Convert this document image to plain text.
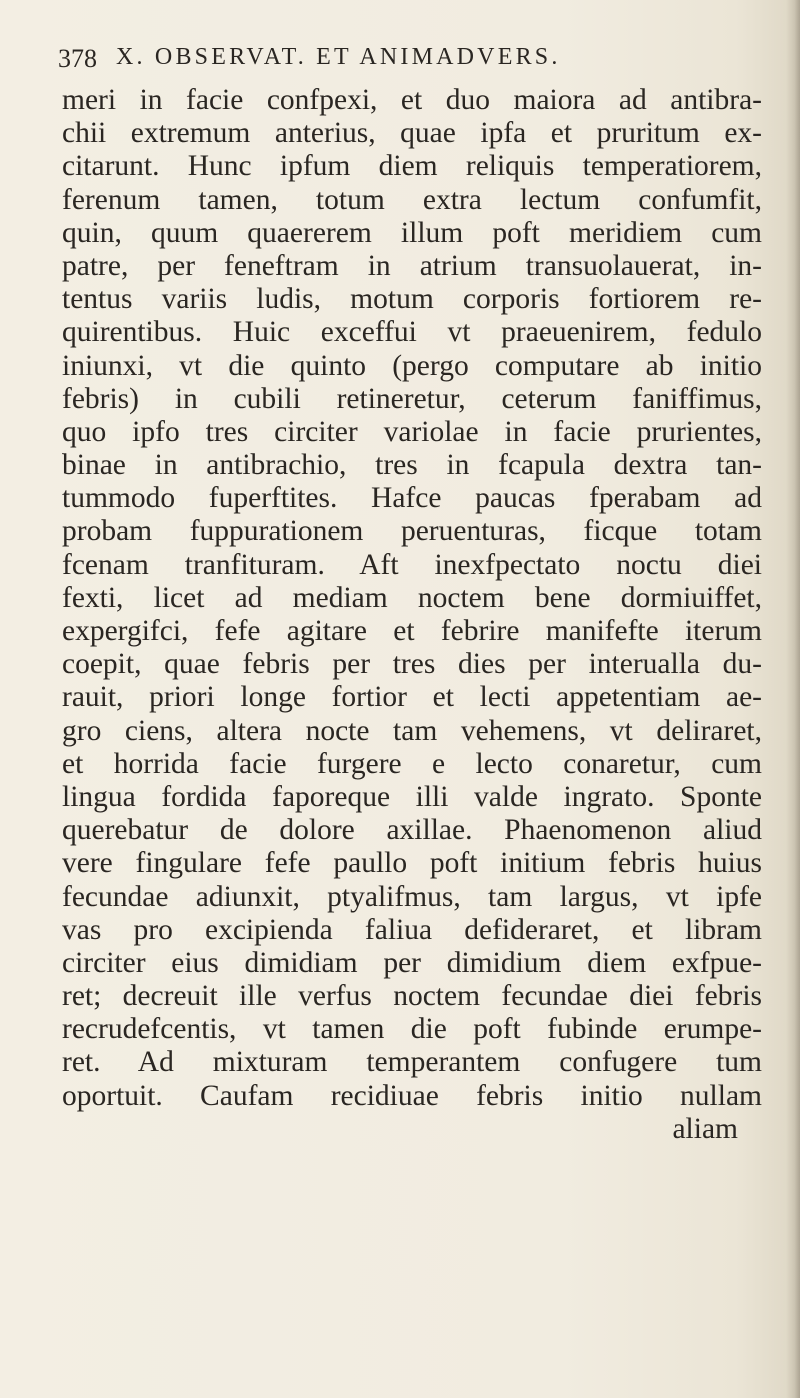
378 X. OBSERVAT. ET ANIMADVERS.
meri in facie confpexi, et duo maiora ad antibra-
chii extremum anterius, quae ipfa et pruritum ex-
citarunt. Hunc ipfum diem reliquis temperatiorem,
ferenum tamen, totum extra lectum confumfit,
quin, quum quaererem illum poft meridiem cum
patre, per feneftram in atrium transuolauerat, in-
tentus variis ludis, motum corporis fortiorem re-
quirentibus. Huic exceffui vt praeuenirem, fedulo
iniunxi, vt die quinto (pergo computare ab initio
febris) in cubili retineretur, ceterum faniffimus,
quo ipfo tres circiter variolae in facie prurientes,
binae in antibrachio, tres in fcapula dextra tan-
tummodo fuperftites. Hafce paucas fperabam ad
probam fuppurationem peruenturas, ficque totam
fcenam tranfituram. Aft inexfpectato noctu diei
fexti, licet ad mediam noctem bene dormiuiffet,
expergifci, fefe agitare et febrire manifefte iterum
coepit, quae febris per tres dies per interualla du-
rauit, priori longe fortior et lecti appetentiam ae-
gro ciens, altera nocte tam vehemens, vt deliraret,
et horrida facie furgere e lecto conaretur, cum
lingua fordida faporeque illi valde ingrato. Sponte
querebatur de dolore axillae. Phaenomenon aliud
vere fingulare fefe paullo poft initium febris huius
fecundae adiunxit, ptyalifmus, tam largus, vt ipfe
vas pro excipienda faliua defideraret, et libram
circiter eius dimidiam per dimidium diem exfpue-
ret; decreuit ille verfus noctem fecundae diei febris
recrudefcentis, vt tamen die poft fubinde erumpe-
ret. Ad mixturam temperantem confugere tum
oportuit. Caufam recidiuae febris initio nullam
aliam
